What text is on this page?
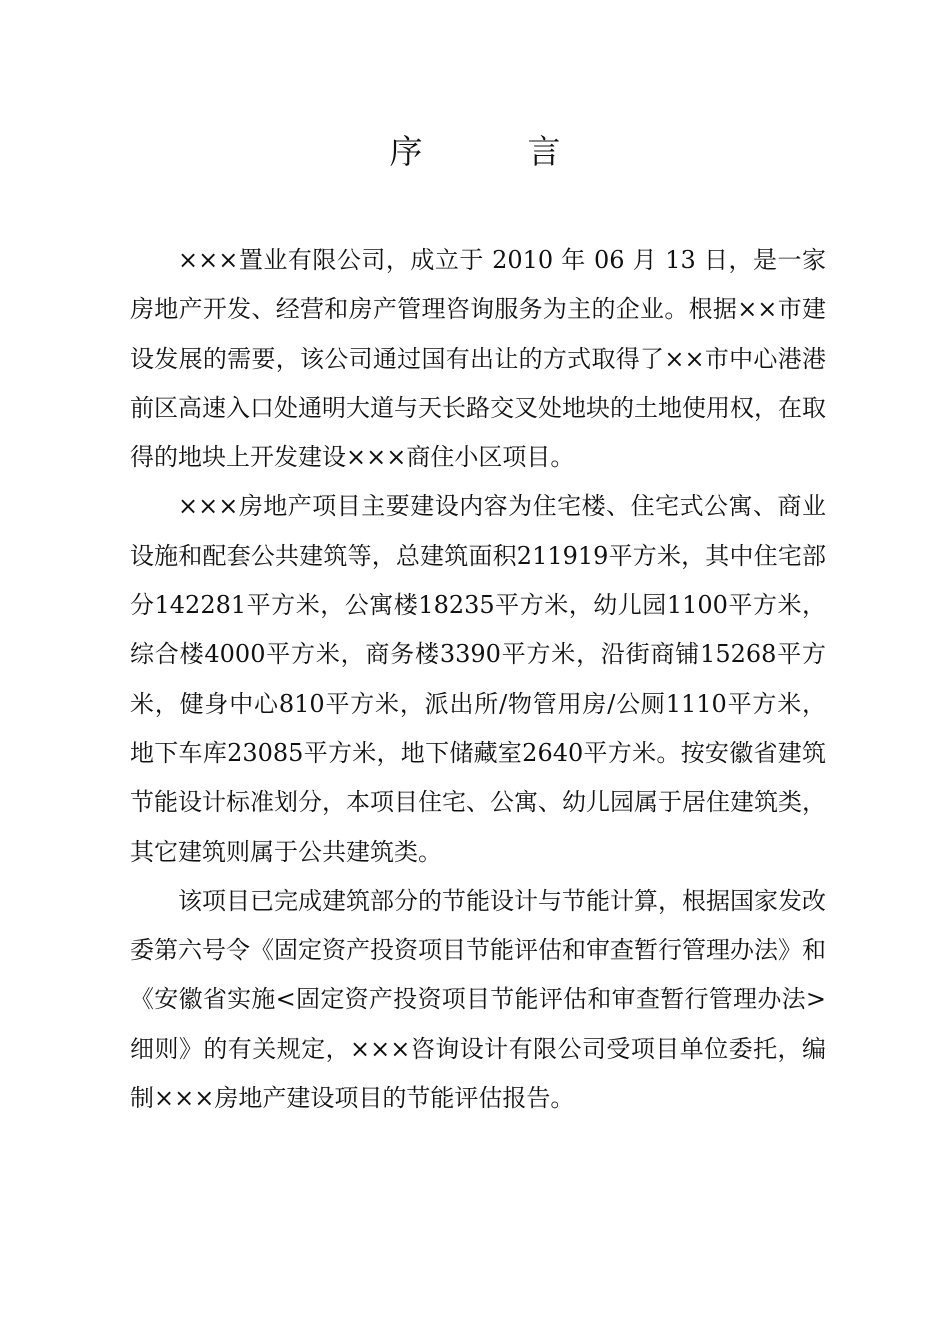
序　言

×××置业有限公司，成立于 2010 年 06 月 13 日，是一家房地产开发、经营和房产管理咨询服务为主的企业。根据××市建设发展的需要，该公司通过国有出让的方式取得了××市中心港港前区高速入口处通明大道与天长路交叉处地块的土地使用权，在取得的地块上开发建设×××商住小区项目。

×××房地产项目主要建设内容为住宅楼、住宅式公寓、商业设施和配套公共建筑等，总建筑面积211919平方米，其中住宅部分142281平方米，公寓楼18235平方米，幼儿园1100平方米，综合楼4000平方米，商务楼3390平方米，沿街商铺15268平方米，健身中心810平方米，派出所/物管用房/公厕1110平方米，地下车库23085平方米，地下储藏室2640平方米。按安徽省建筑节能设计标准划分，本项目住宅、公寓、幼儿园属于居住建筑类，其它建筑则属于公共建筑类。

该项目已完成建筑部分的节能设计与节能计算，根据国家发改委第六号令《固定资产投资项目节能评估和审查暂行管理办法》和《安徽省实施<固定资产投资项目节能评估和审查暂行管理办法>细则》的有关规定，×××咨询设计有限公司受项目单位委托，编制×××房地产建设项目的节能评估报告。
